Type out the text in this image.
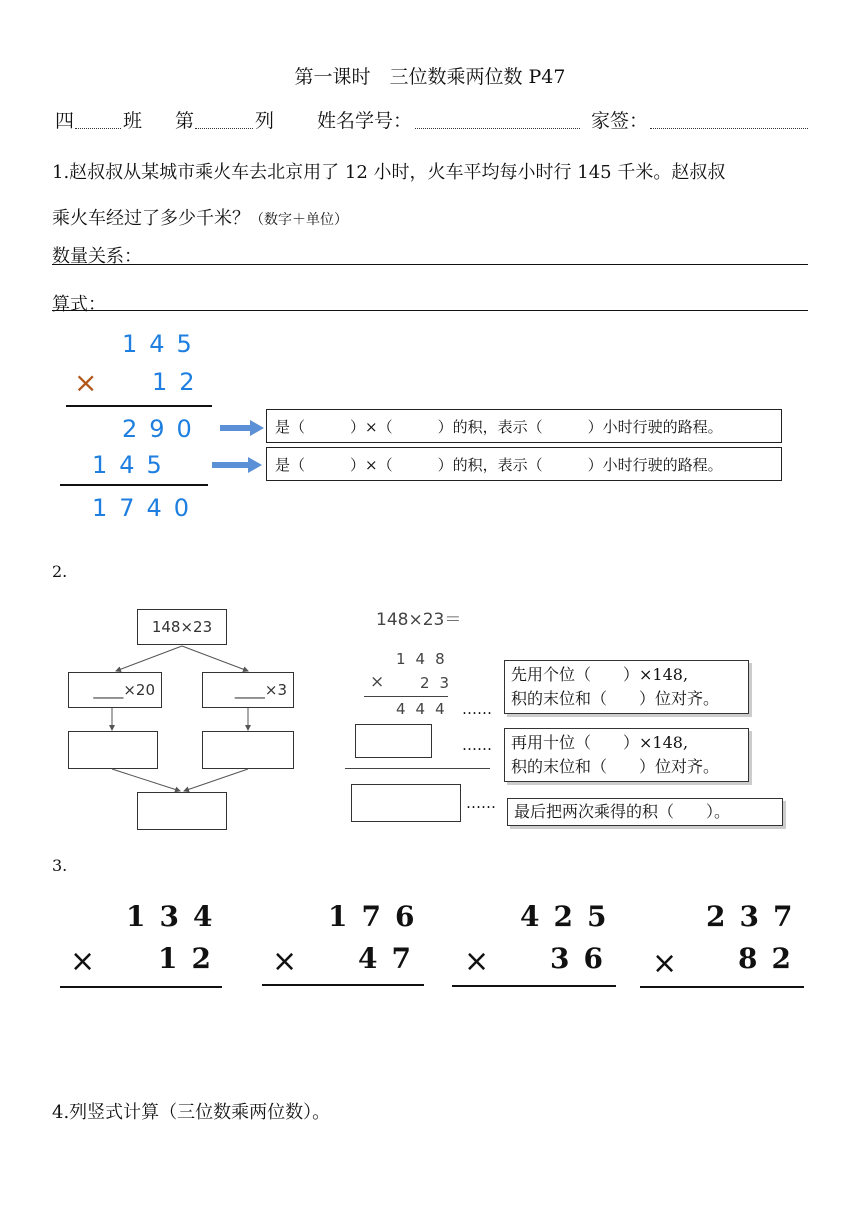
第一课时　三位数乘两位数 P47
四	班 第	列 姓名学号：	家签：
1.赵叔叔从某城市乘火车去北京用了 12 小时，火车平均每小时行 145 千米。赵叔叔
乘火车经过了多少千米？（数字＋单位）
数量关系：
算式：
145
× 12
290
145
1740
是（　　　）×（　　　）的积，表示（　　　）小时行驶的路程。
是（　　　）×（　　　）的积，表示（　　　）小时行驶的路程。
2.
148×23
____×20	____×3
148×23＝
148
× 23
444 ……
……
……
先用个位（　　）×148,
积的末位和（　　）位对齐。
再用十位（　　）×148,
积的末位和（　　）位对齐。
最后把两次乘得的积（　　）。
3.
134
× 12
176
× 47
425
× 36
237
× 82
4.列竖式计算（三位数乘两位数）。
